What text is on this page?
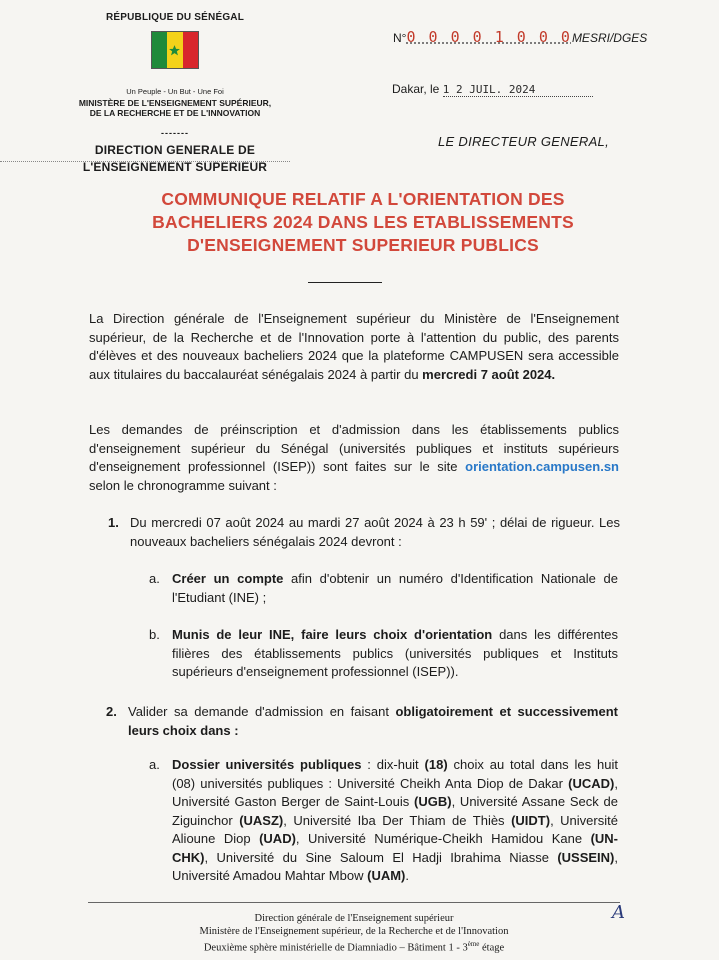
RÉPUBLIQUE DU SÉNÉGAL
Un Peuple - Un But - Une Foi
MINISTÈRE DE L'ENSEIGNEMENT SUPÉRIEUR,
DE LA RECHERCHE ET DE L'INNOVATION
-------
DIRECTION GENERALE DE
L'ENSEIGNEMENT SUPERIEUR
N°0 0 0 0 1 0 0 0MESRI/DGES
Dakar, le 1 2 JUIL. 2024
LE DIRECTEUR GENERAL,
COMMUNIQUE RELATIF A L'ORIENTATION DES
BACHELIERS 2024 DANS LES ETABLISSEMENTS
D'ENSEIGNEMENT SUPERIEUR PUBLICS
La Direction générale de l'Enseignement supérieur du Ministère de l'Enseignement supérieur, de la Recherche et de l'Innovation porte à l'attention du public, des parents d'élèves et des nouveaux bacheliers 2024 que la plateforme CAMPUSEN sera accessible aux titulaires du baccalauréat sénégalais 2024 à partir du mercredi 7 août 2024.
Les demandes de préinscription et d'admission dans les établissements publics d'enseignement supérieur du Sénégal (universités publiques et instituts supérieurs d'enseignement professionnel (ISEP)) sont faites sur le site orientation.campusen.sn selon le chronogramme suivant :
1. Du mercredi 07 août 2024 au mardi 27 août 2024 à 23 h 59' ; délai de rigueur. Les nouveaux bacheliers sénégalais 2024 devront :
a. Créer un compte afin d'obtenir un numéro d'Identification Nationale de l'Etudiant (INE) ;
b. Munis de leur INE, faire leurs choix d'orientation dans les différentes filières des établissements publics (universités publiques et Instituts supérieurs d'enseignement professionnel (ISEP)).
2. Valider sa demande d'admission en faisant obligatoirement et successivement leurs choix dans :
a. Dossier universités publiques : dix-huit (18) choix au total dans les huit (08) universités publiques : Université Cheikh Anta Diop de Dakar (UCAD), Université Gaston Berger de Saint-Louis (UGB), Université Assane Seck de Ziguinchor (UASZ), Université Iba Der Thiam de Thiès (UIDT), Université Alioune Diop (UAD), Université Numérique-Cheikh Hamidou Kane (UN-CHK), Université du Sine Saloum El Hadji Ibrahima Niasse (USSEIN), Université Amadou Mahtar Mbow (UAM).
Direction générale de l'Enseignement supérieur
Ministère de l'Enseignement supérieur, de la Recherche et de l'Innovation
Deuxième sphère ministérielle de Diamniadio – Bâtiment 1 - 3ème étage
A
